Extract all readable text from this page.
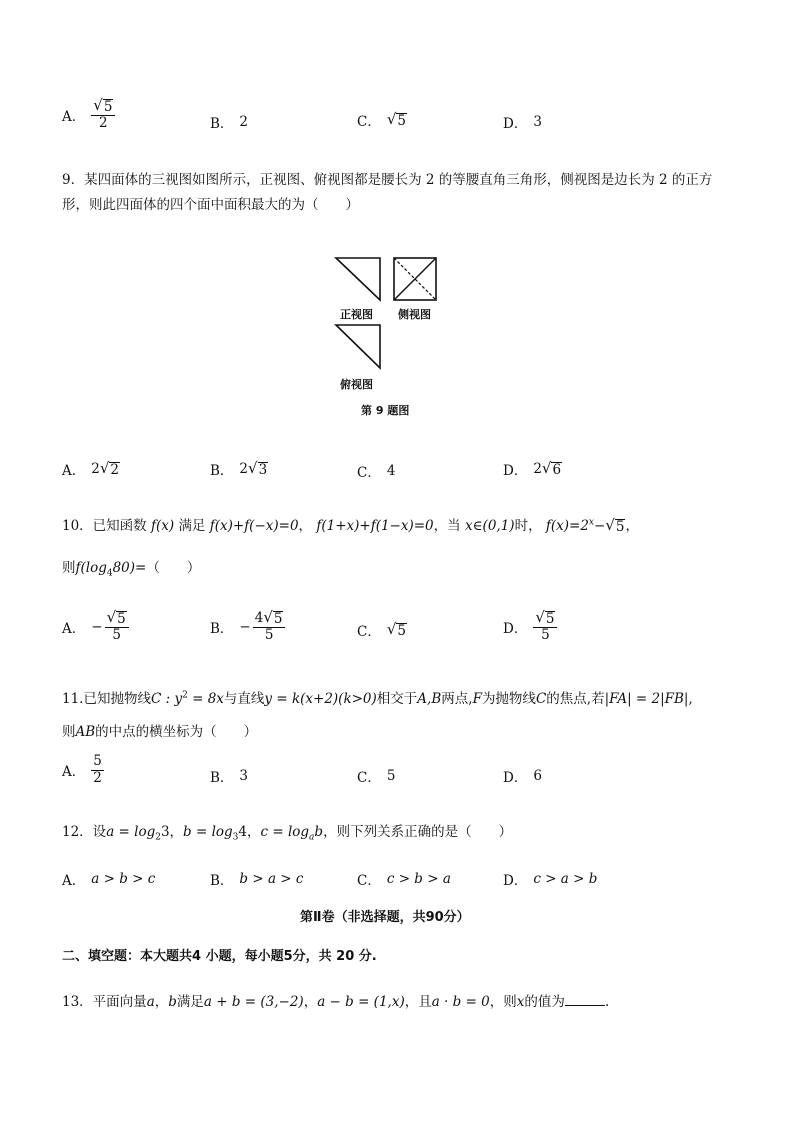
A． $\frac{√ 5}{2}$	B． 2	C． √ 5	D． 3
9．某四面体的三视图如图所示，正视图、俯视图都是腰长为 2 的等腰直角三角形，侧视图是边长为 2 的正方
形，则此四面体的四个面中面积最大的为（　　）
正视图 侧视图
俯视图
第 9 题图
A． 2 √ 2	B． 2 √ 3	C． 4	D． 2 √ 6
10．已知函数 f(x) 满足 f(x)+f(−x)=0， f(1+x)+f(1−x)=0，当 x∈(0,1)时， $f(x)=2^x-$ √ 5 ，
则$f(\log_480)=$（　　）
A． − $\frac{√ 5}{5}$	B． − $\frac{4 √ 5}{5}$	C． √ 5	D． $\frac{√ 5}{5}$
11.已知抛物线C : $y^2 = 8x$与直线y = k(x+2)(k>0)相交于A,B两点,F为抛物线C的焦点,若|FA| = 2|FB|,
则AB的中点的横坐标为（　　）
A． $\frac{5}{2}$	B． 3	C． 5	D． 6
12．设$a = \log_23$，$b = \log_34$，$c = \log_ab$，则下列关系正确的是（　　）
A． a > b > c	B． b > a > c	C． c > b > a	D． c > a > b
第Ⅱ卷（非选择题，共90分）
二、填空题：本大题共4 小题，每小题5分，共 20 分.
13．平面向量a，b满足a + b = (3,−2)，a − b = (1,x)，且a · b = 0，则x的值为	.
